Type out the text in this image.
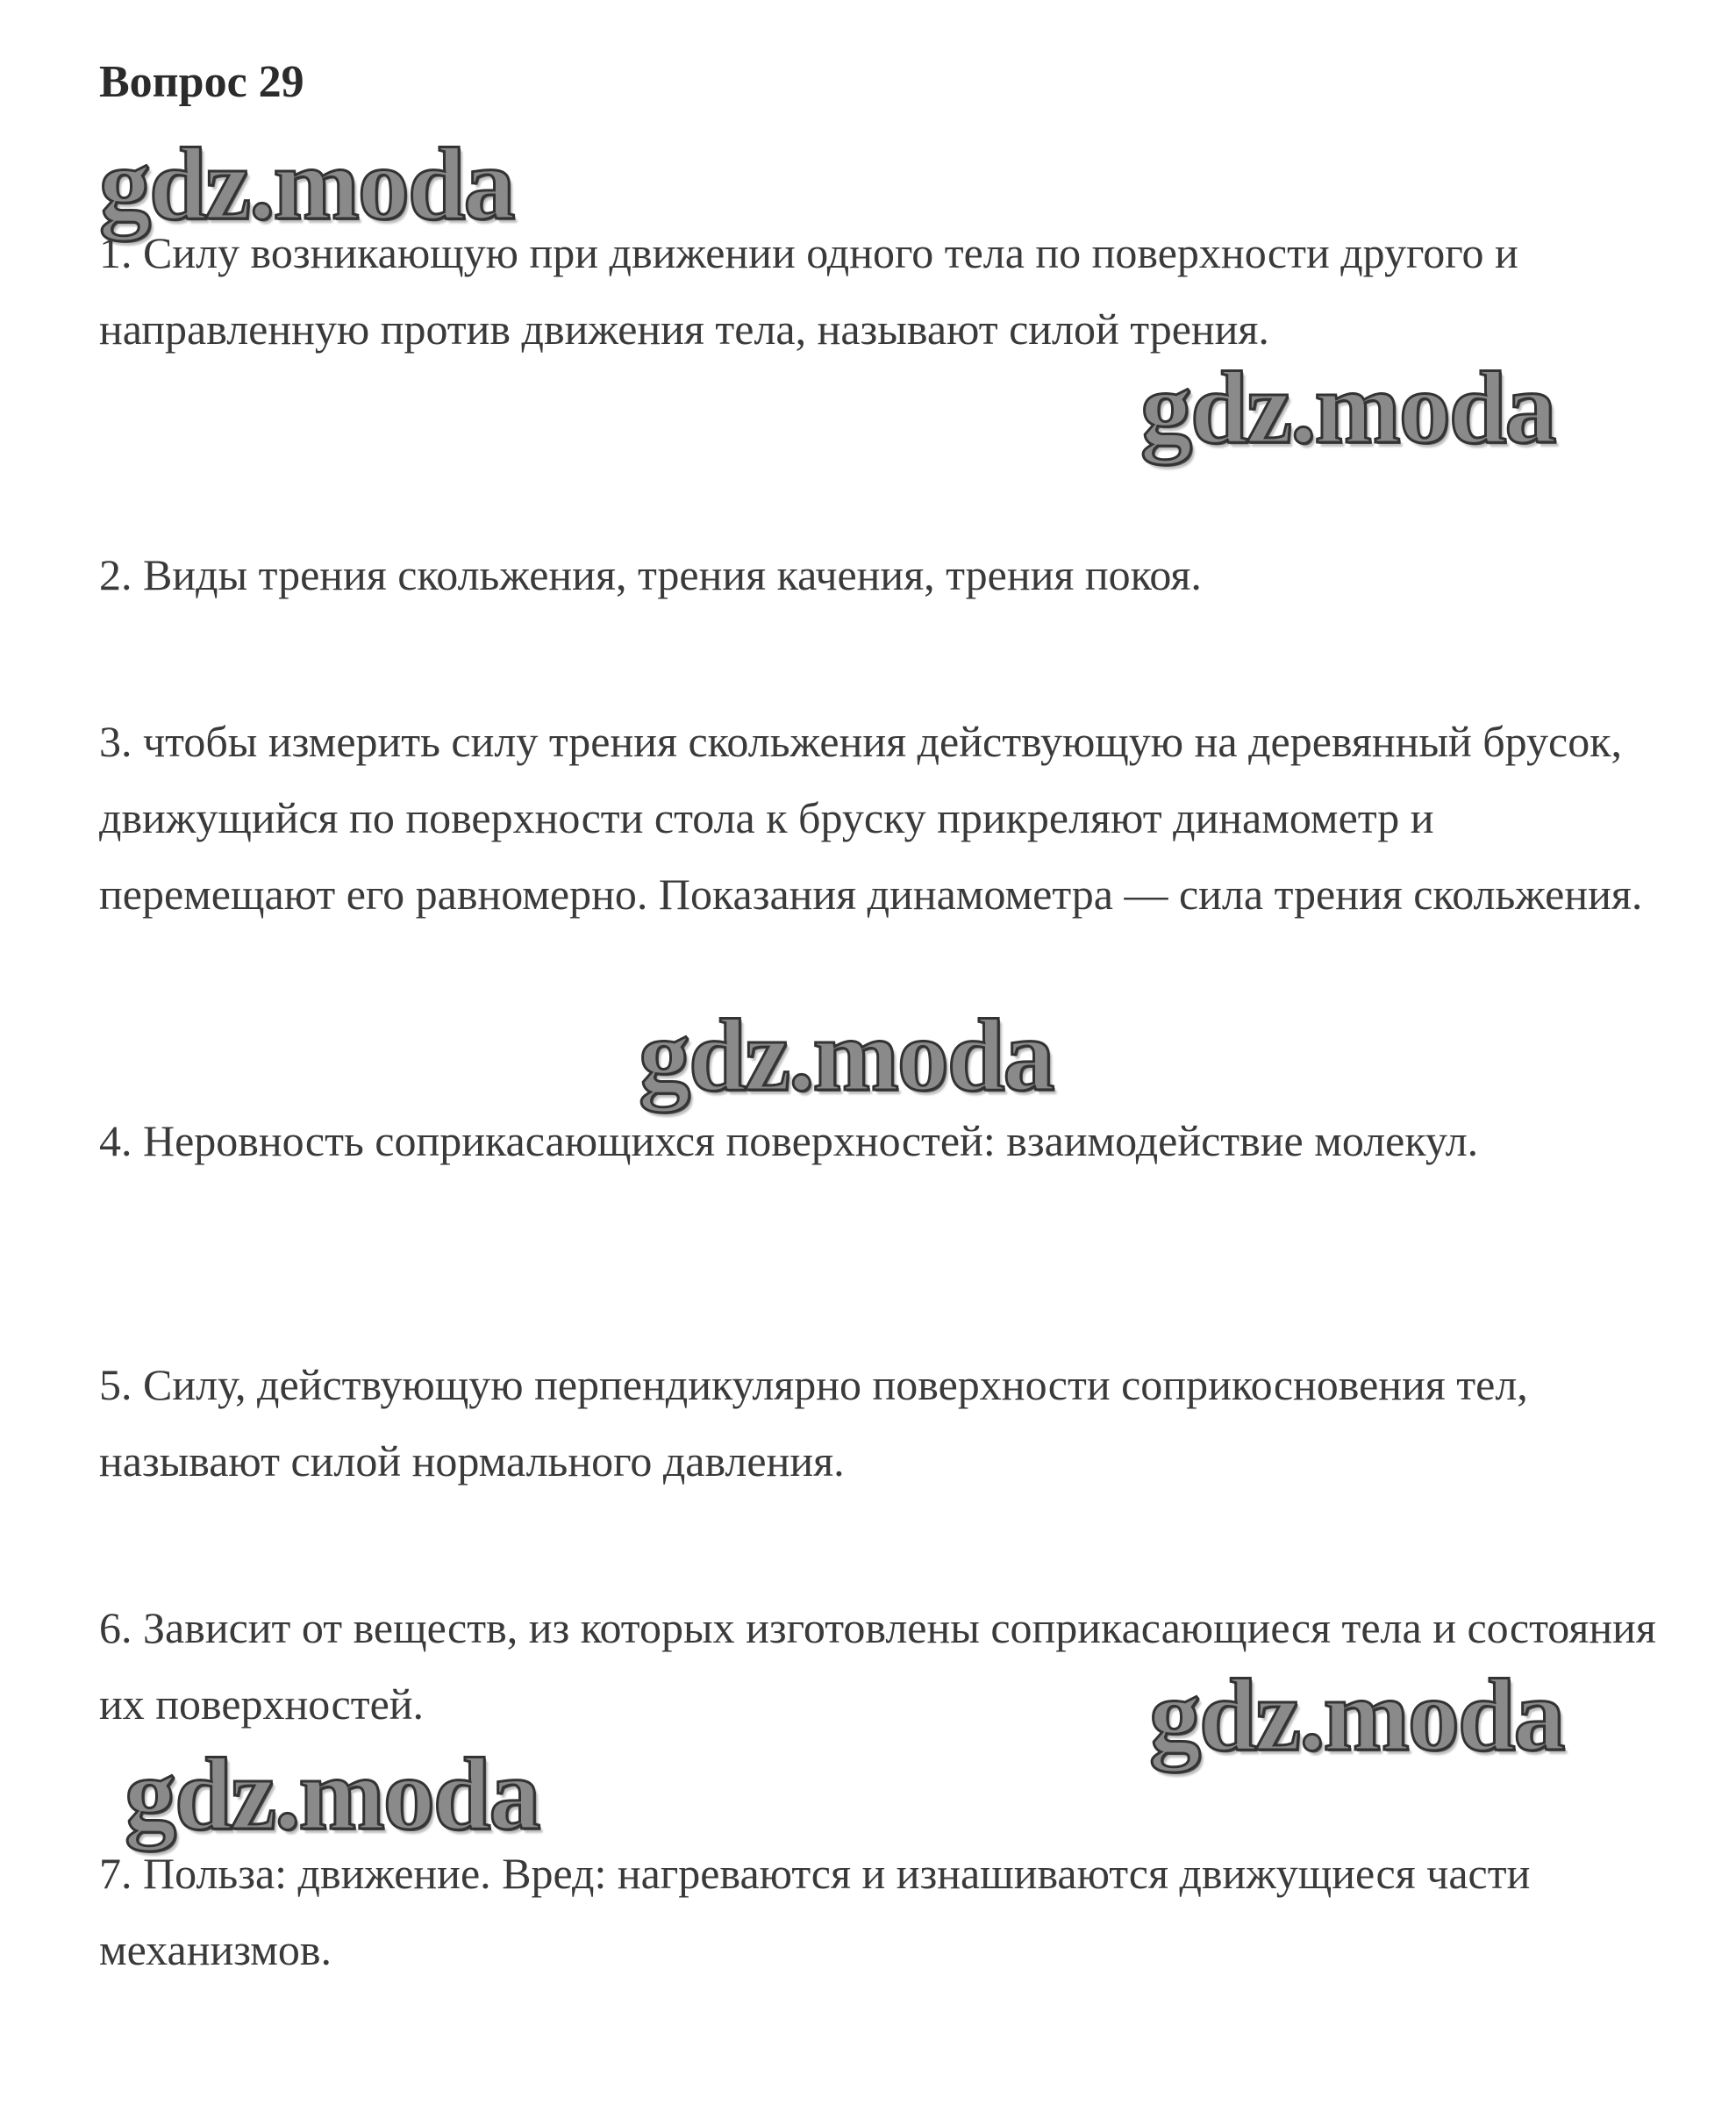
Вопрос 29
gdz.moda

1. Силу возникающую при движении одного тела по поверхности другого и направленную против движения тела, называют силой трения.

gdz.moda

2. Виды трения скольжения, трения качения, трения покоя.

3. чтобы измерить силу трения скольжения действующую на деревянный брусок, движущийся по поверхности стола к бруску прикреляют динамометр и перемещают его равномерно. Показания динамометра — сила трения скольжения.

gdz.moda

4. Неровность соприкасающихся поверхностей: взаимодействие молекул.

5. Силу, действующую перпендикулярно поверхности соприкосновения тел, называют силой нормального давления.

6. Зависит от веществ, из которых изготовлены соприкасающиеся тела и состояния их поверхностей.	gdz.moda
gdz.moda

7. Польза: движение. Вред: нагреваются и изнашиваются движущиеся части механизмов.
